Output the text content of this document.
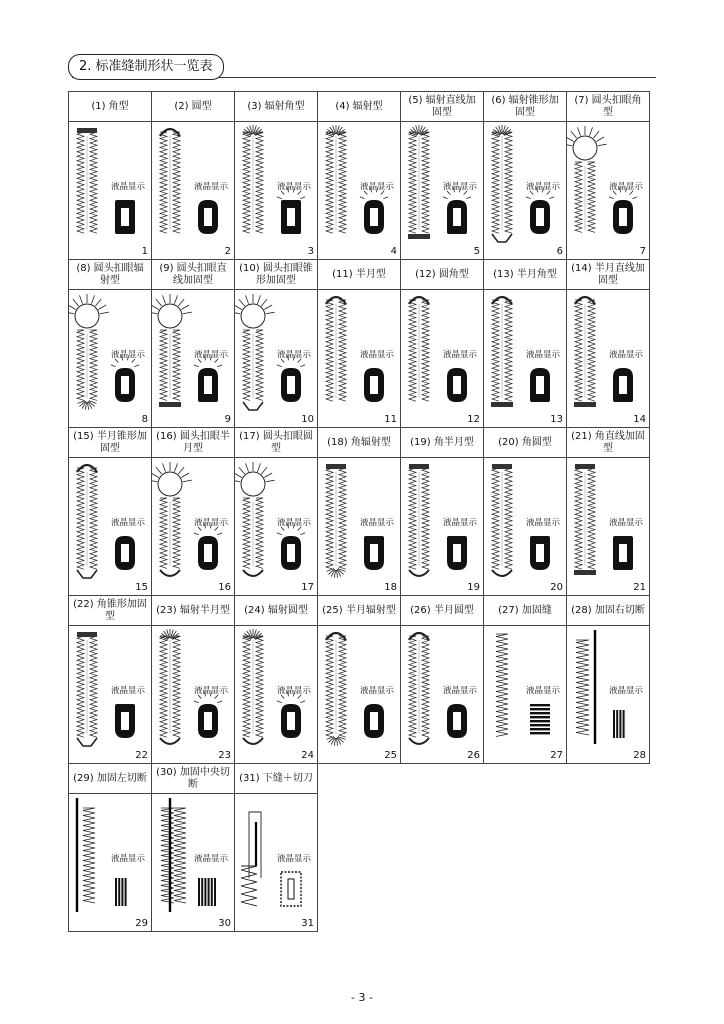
2. 标准缝制形状一览表
(1) 角型
液晶显示
1
(2) 圆型
液晶显示
2
(3) 辐射角型
液晶显示
3
(4) 辐射型
液晶显示
4
(5) 辐射直线加固型
液晶显示
5
(6) 辐射锥形加固型
液晶显示
6
(7) 圆头扣眼角型
液晶显示
7
(8) 圆头扣眼辐射型
液晶显示
8
(9) 圆头扣眼直线加固型
液晶显示
9
(10) 圆头扣眼锥形加固型
液晶显示
10
(11) 半月型
液晶显示
11
(12) 圆角型
液晶显示
12
(13) 半月角型
液晶显示
13
(14) 半月直线加固型
液晶显示
14
(15) 半月锥形加固型
液晶显示
15
(16) 圆头扣眼半月型
液晶显示
16
(17) 圆头扣眼圆型
液晶显示
17
(18) 角辐射型
液晶显示
18
(19) 角半月型
液晶显示
19
(20) 角圆型
液晶显示
20
(21) 角直线加固型
液晶显示
21
(22) 角锥形加固型
液晶显示
22
(23) 辐射半月型
液晶显示
23
(24) 辐射圆型
液晶显示
24
(25) 半月辐射型
液晶显示
25
(26) 半月圆型
液晶显示
26
(27) 加固缝
液晶显示
27
(28) 加固右切断
液晶显示
28
(29) 加固左切断
液晶显示
29
(30) 加固中央切断
液晶显示
30
(31) 下缝＋切刀
液晶显示
31
- 3 -
